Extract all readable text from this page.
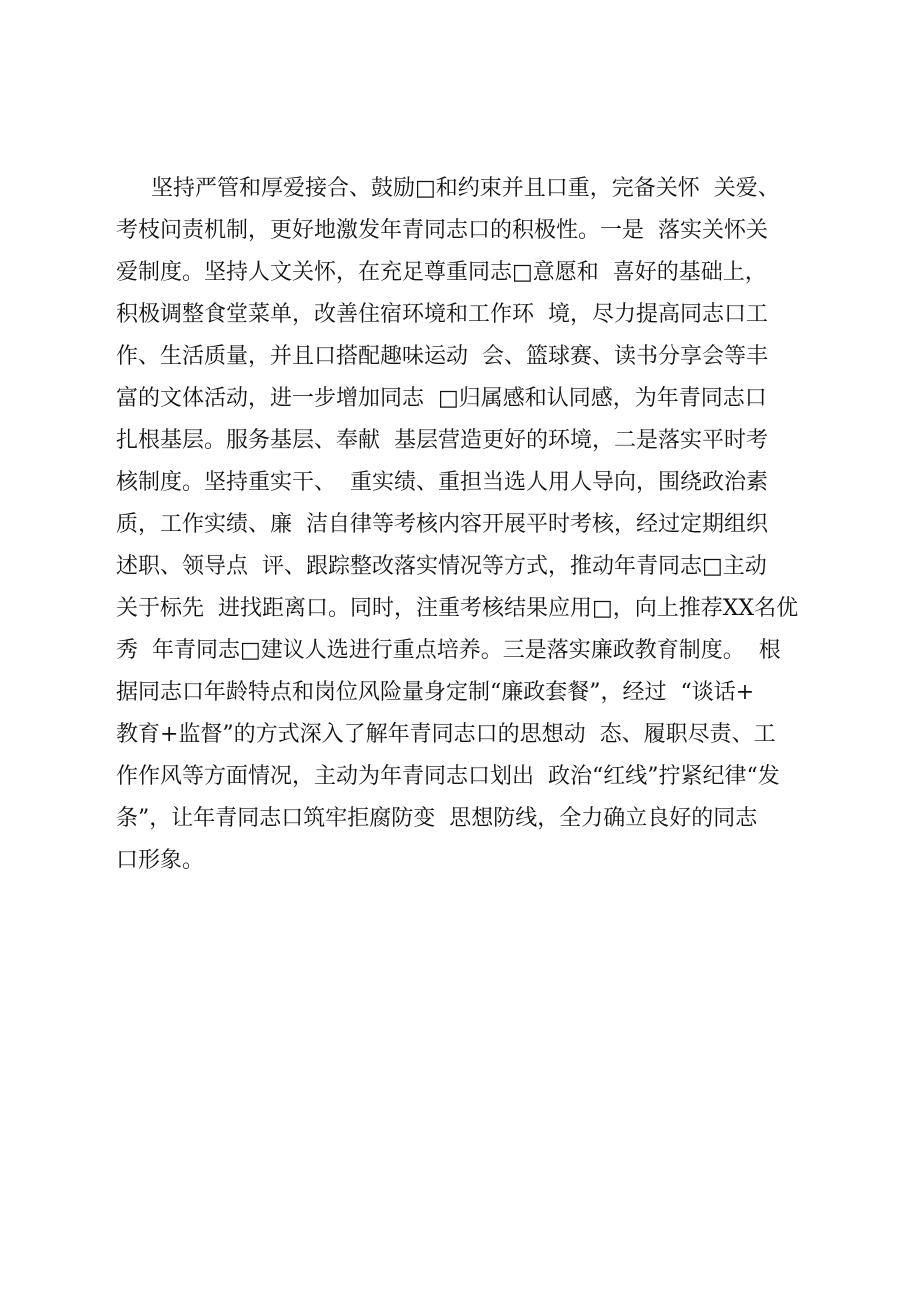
坚持严管和厚爱接合、鼓励□和约束并且口重，完备关怀  关爱、
考枝问责机制，更好地激发年青同志口的积极性。一是  落实关怀关
爱制度。坚持人文关怀，在充足尊重同志□意愿和  喜好的基础上，
积极调整食堂菜单，改善住宿环境和工作环  境，尽力提高同志口工
作、生活质量，并且口搭配趣味运动  会、篮球赛、读书分享会等丰
富的文体活动，进一步增加同志  □归属感和认同感，为年青同志口
扎根基层。服务基层、奉献  基层营造更好的环境，二是落实平时考
核制度。坚持重实干、  重实绩、重担当选人用人导向，围绕政治素
质，工作实绩、廉  洁自律等考核内容开展平时考核，经过定期组织
述职、领导点  评、跟踪整改落实情况等方式，推动年青同志□主动
关于标先  进找距离口。同时，注重考核结果应用□，向上推荐XX名优
秀  年青同志□建议人选进行重点培养。三是落实廉政教育制度。  根
据同志口年龄特点和岗位风险量身定制“廉政套餐”，经过  “谈话+
教育+监督”的方式深入了解年青同志口的思想动  态、履职尽责、工
作作风等方面情况，主动为年青同志口划出  政治“红线”拧紧纪律“发
条”，让年青同志口筑牢拒腐防变  思想防线，全力确立良好的同志
口形象。
